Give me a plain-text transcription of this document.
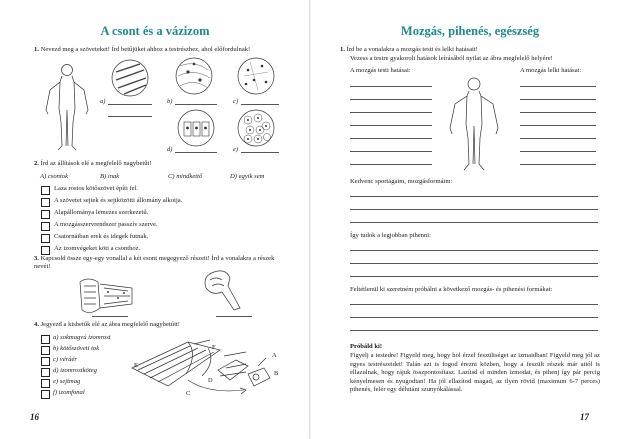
A csont és a vázizom
1. Nevezd meg a szöveteket! Írd betűjüket ahhoz a testrészhez, ahol előfordulnak!
a)	b)	c)
d)	e)
2. Írd az állítások elé a megfelelő nagybetűt!
A) csontok	B) inak	C) mindkettő	D) egyik sem
Laza rostos kötőszövet építi fel.
A szövetet sejtek és sejtközötti állomány alkotja.
Alapállománya lemezes szerkezetű.
A mozgásszervrendszer passzív szerve.
Csatornáiban erek és idegek futnak.
Az izomvégeket köti a csonthoz.
3. Kapcsold össze egy-egy vonallal a két esont megegyező részeit! Írd a vonalakra a részek nevét!
4. Jegyezd a kisbetűk elé az ábra megfelelő nagybetűit!
a) sokmagvú izomrost
b) kötőszöveti tok
c) véráér
d) izomrostköteg
e) sejtmag
f) izomfonal
F
E
D
C
B
A
16
Mozgás, pihenés, egészség
1. Írd be a vonalakra a mozgás testi és lelki hatásait!
Vezess a testre gyakorolt hatások leírásából nyilat az ábra megfelelő helyére!
A mozgás testi hatásai:	A mozgás lelki hatásai:
Kedvenc sportágaim, mozgásformáim:
Így tudok a legjobban pihenni:
Feltétlenül ki szeretném próbálni a következő mozgás- és pihenési formákat:
Próbáld ki!
Figyelj a testedre! Figyeld meg, hogy hol érzel feszültséget az izmaidban! Figyeld meg jól az egyes testrészeidet! Talán azt is fogod érezni közben, hogy a feszült részek már attól is ellazulnak, hogy rájuk összpontosítasz. Lazítsd el minden izmodat, és pihenj így pár percig kényelmesen és nyugodtan! Ha jól ellazítod magad, az ilyen rövid (maximum 6-7 perces) pihenés, felér egy délutáni szunyókálással.
17
